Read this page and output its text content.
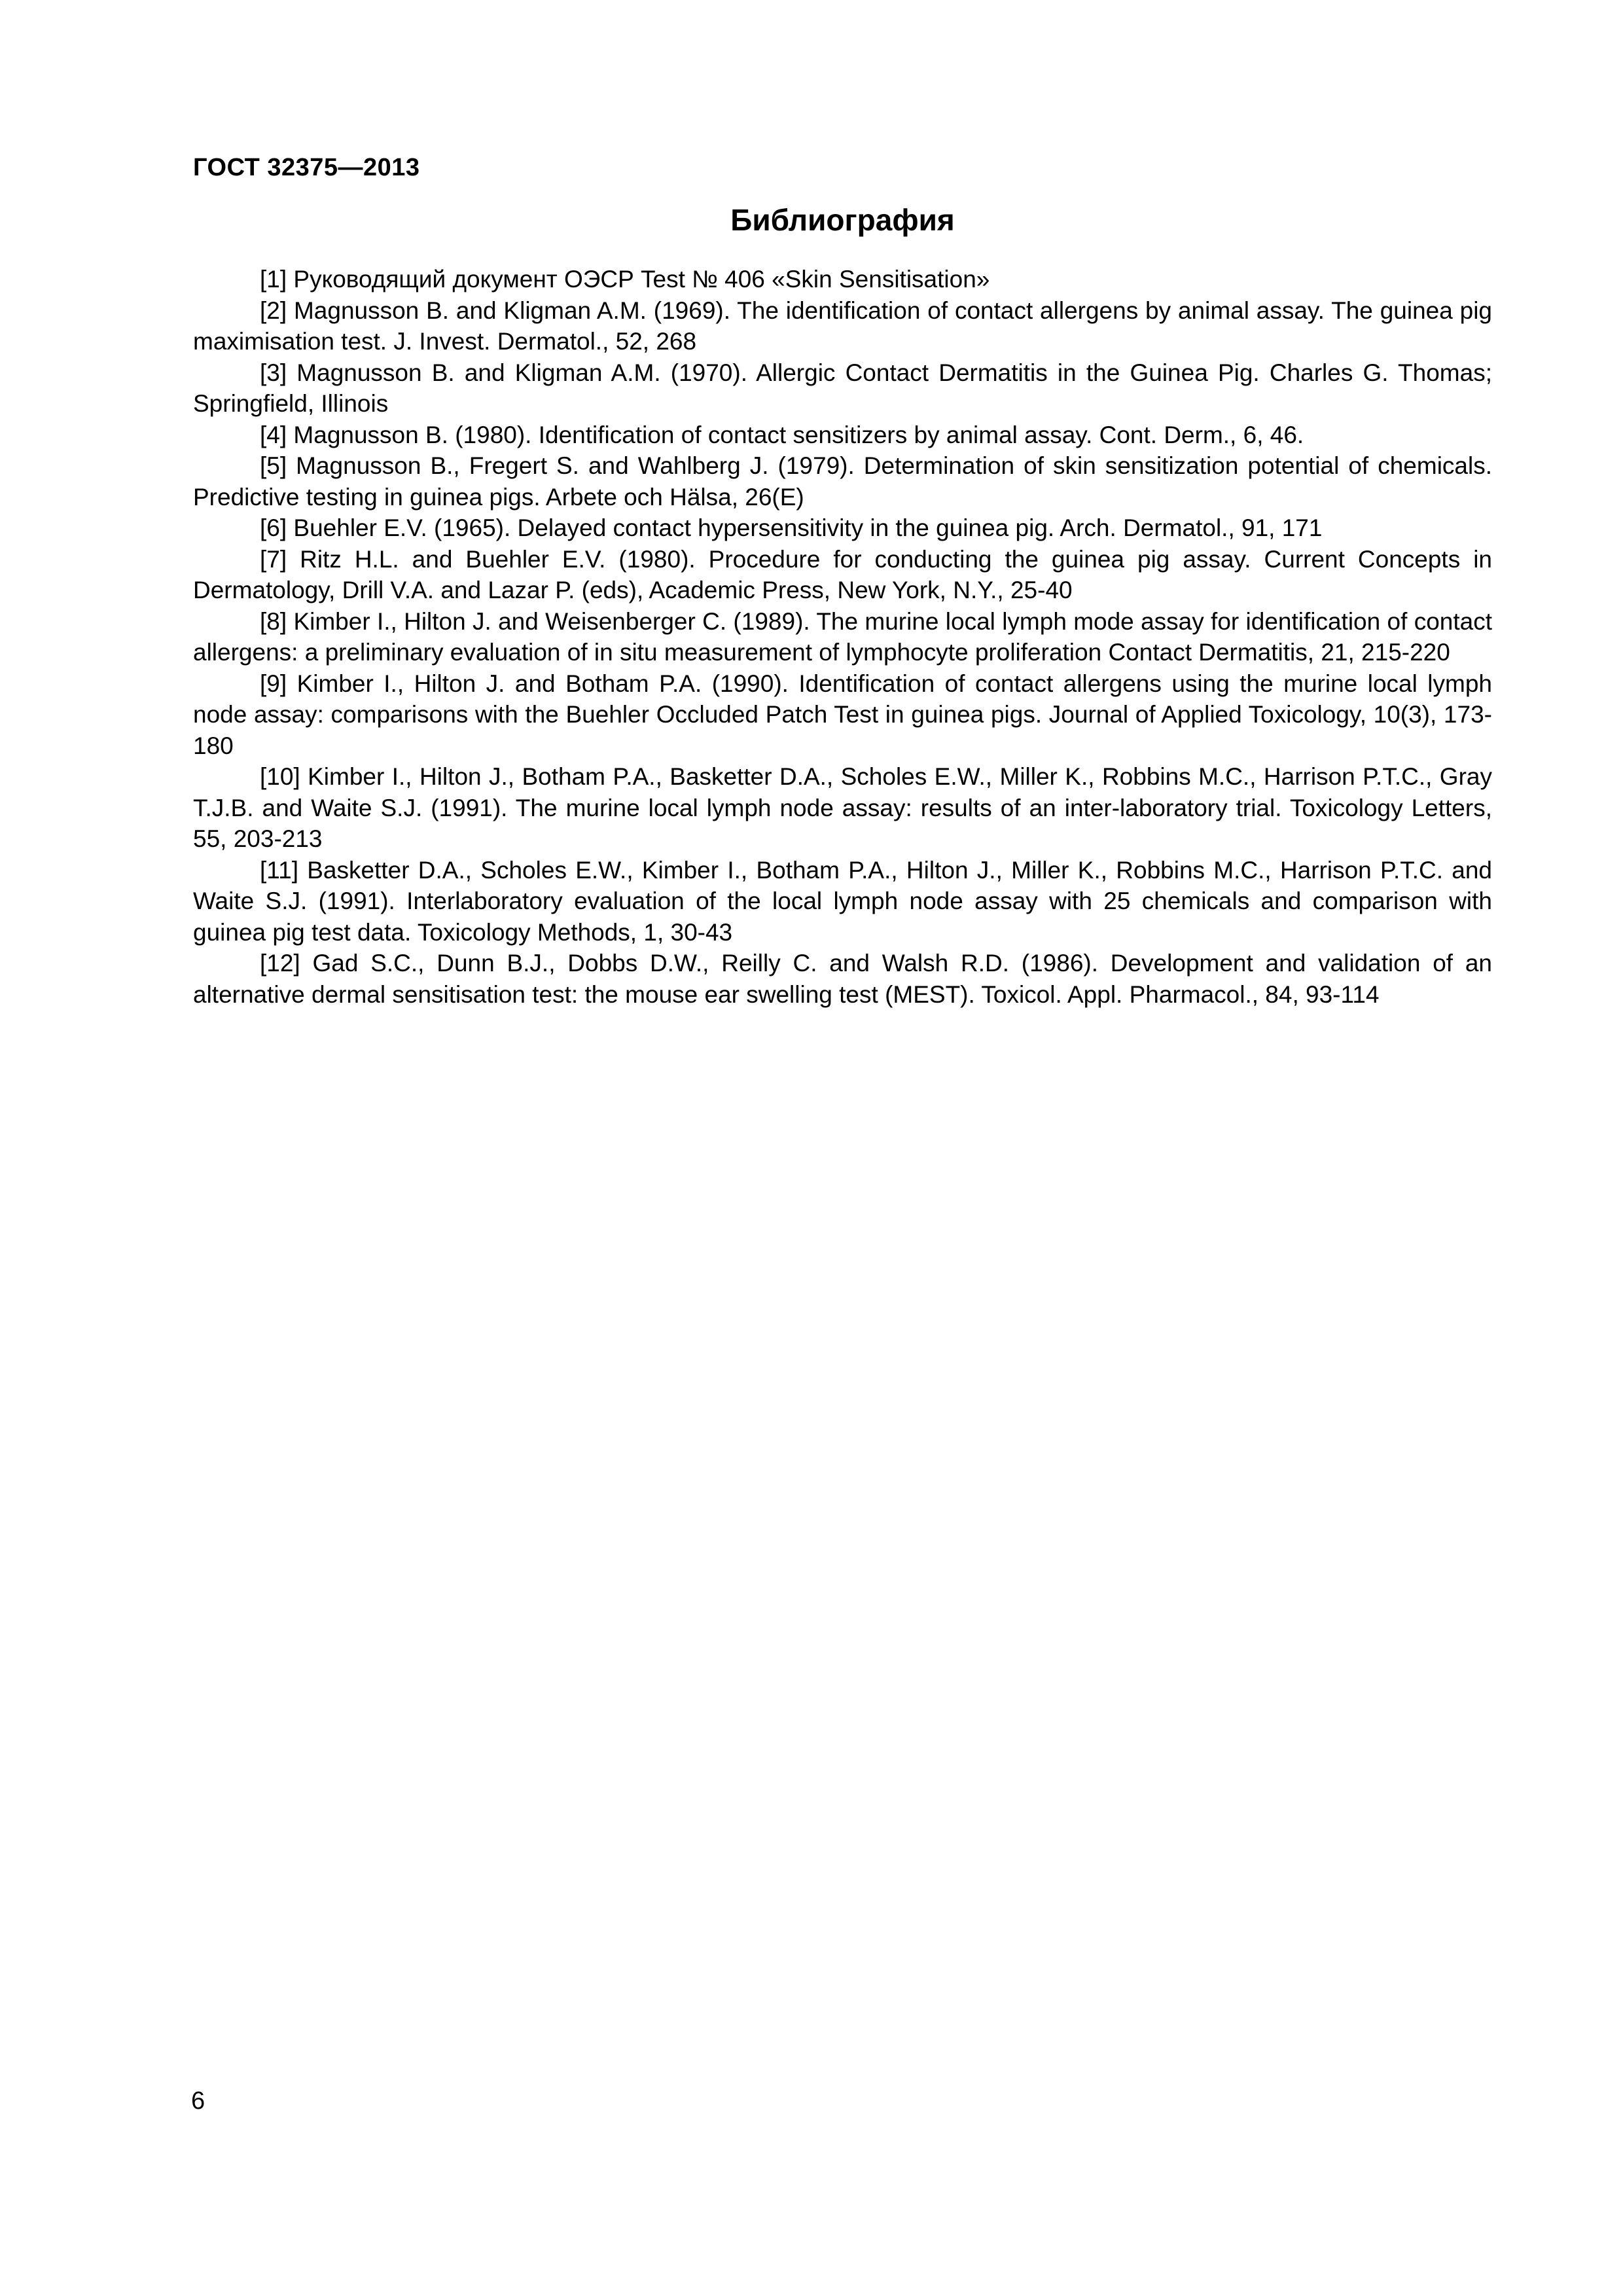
ГОСТ 32375—2013
Библиография
[1] Руководящий документ ОЭСР Test № 406 «Skin Sensitisation»
[2] Magnusson B. and Kligman A.M. (1969). The identification of contact allergens by animal assay. The guinea pig maximisation test. J. Invest. Dermatol., 52, 268
[3] Magnusson B. and Kligman A.M. (1970). Allergic Contact Dermatitis in the Guinea Pig. Charles G. Thomas; Springfield, Illinois
[4] Magnusson B. (1980). Identification of contact sensitizers by animal assay. Cont. Derm., 6, 46.
[5] Magnusson B., Fregert S. and Wahlberg J. (1979). Determination of skin sensitization potential of chemicals. Predictive testing in guinea pigs. Arbete och Hälsa, 26(E)
[6] Buehler E.V. (1965). Delayed contact hypersensitivity in the guinea pig. Arch. Dermatol., 91, 171
[7] Ritz H.L. and Buehler E.V. (1980). Procedure for conducting the guinea pig assay. Current Concepts in Dermatology, Drill V.A. and Lazar P. (eds), Academic Press, New York, N.Y., 25-40
[8] Kimber I., Hilton J. and Weisenberger C. (1989). The murine local lymph mode assay for identification of contact allergens: a preliminary evaluation of in situ measurement of lymphocyte proliferation Contact Dermatitis, 21, 215-220
[9] Kimber I., Hilton J. and Botham P.A. (1990). Identification of contact allergens using the murine local lymph node assay: comparisons with the Buehler Occluded Patch Test in guinea pigs. Journal of Applied Toxicology, 10(3), 173-180
[10] Kimber I., Hilton J., Botham P.A., Basketter D.A., Scholes E.W., Miller K., Robbins M.C., Harrison P.T.C., Gray T.J.B. and Waite S.J. (1991). The murine local lymph node assay: results of an inter-laboratory trial. Toxicology Letters, 55, 203-213
[11] Basketter D.A., Scholes E.W., Kimber I., Botham P.A., Hilton J., Miller K., Robbins M.C., Harrison P.T.C. and Waite S.J. (1991). Interlaboratory evaluation of the local lymph node assay with 25 chemicals and comparison with guinea pig test data. Toxicology Methods, 1, 30-43
[12] Gad S.C., Dunn B.J., Dobbs D.W., Reilly C. and Walsh R.D. (1986). Development and validation of an alternative dermal sensitisation test: the mouse ear swelling test (MEST). Toxicol. Appl. Pharmacol., 84, 93-114
6
